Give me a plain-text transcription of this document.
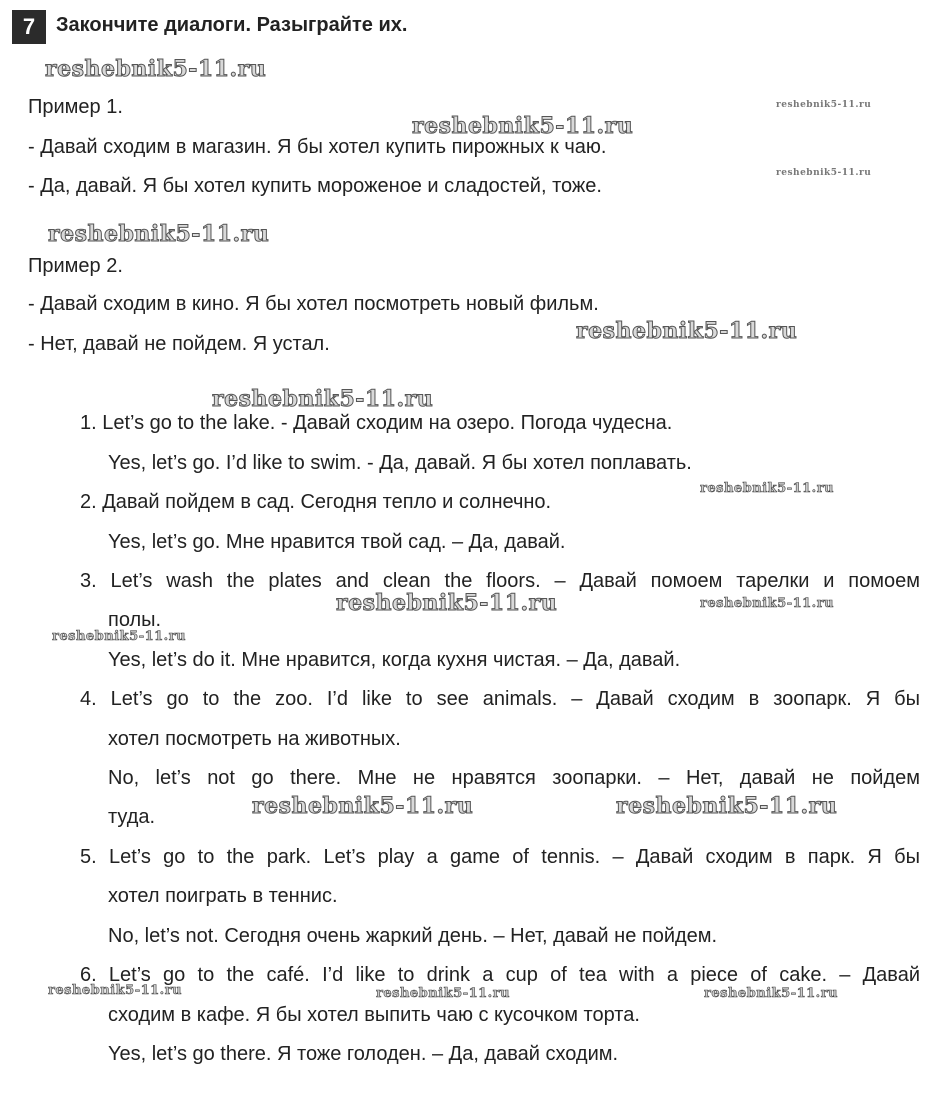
7	Закончите диалоги. Разыграйте их.
Пример 1.
- Давай сходим в магазин. Я бы хотел купить пирожных к чаю.
- Да, давай. Я бы хотел купить мороженое и сладостей, тоже.
Пример 2.
- Давай сходим в кино. Я бы хотел посмотреть новый фильм.
- Нет, давай не пойдем. Я устал.
1. Let’s go to the lake. - Давай сходим на озеро. Погода чудесна.
Yes, let’s go. I’d like to swim. - Да, давай. Я бы хотел поплавать.
2. Давай пойдем в сад. Сегодня тепло и солнечно.
Yes, let’s go. Мне нравится твой сад. – Да, давай.
3. Let’s wash the plates and clean the floors. – Давай помоем тарелки и помоем
полы.
Yes, let’s do it. Мне нравится, когда кухня чистая. – Да, давай.
4. Let’s go to the zoo. I’d like to see animals. – Давай сходим в зоопарк. Я бы
хотел посмотреть на животных.
No, let’s not go there. Мне не нравятся зоопарки. – Нет, давай не пойдем
туда.
5. Let’s go to the park. Let’s play a game of tennis. – Давай сходим в парк. Я бы
хотел поиграть в теннис.
No, let’s not. Сегодня очень жаркий день. – Нет, давай не пойдем.
6. Let’s go to the café. I’d like to drink a cup of tea with a piece of cake. – Давай
сходим в кафе. Я бы хотел выпить чаю с кусочком торта.
Yes, let’s go there. Я тоже голоден. – Да, давай сходим.
reshebnik5-11.ru
reshebnik5-11.ru
reshebnik5-11.ru
reshebnik5-11.ru
reshebnik5-11.ru
reshebnik5-11.ru
reshebnik5-11.ru
reshebnik5-11.ru
reshebnik5-11.ru	reshebnik5-11.ru
reshebnik5-11.ru
reshebnik5-11.ru	reshebnik5-11.ru
reshebnik5-11.ru	reshebnik5-11.ru	reshebnik5-11.ru
